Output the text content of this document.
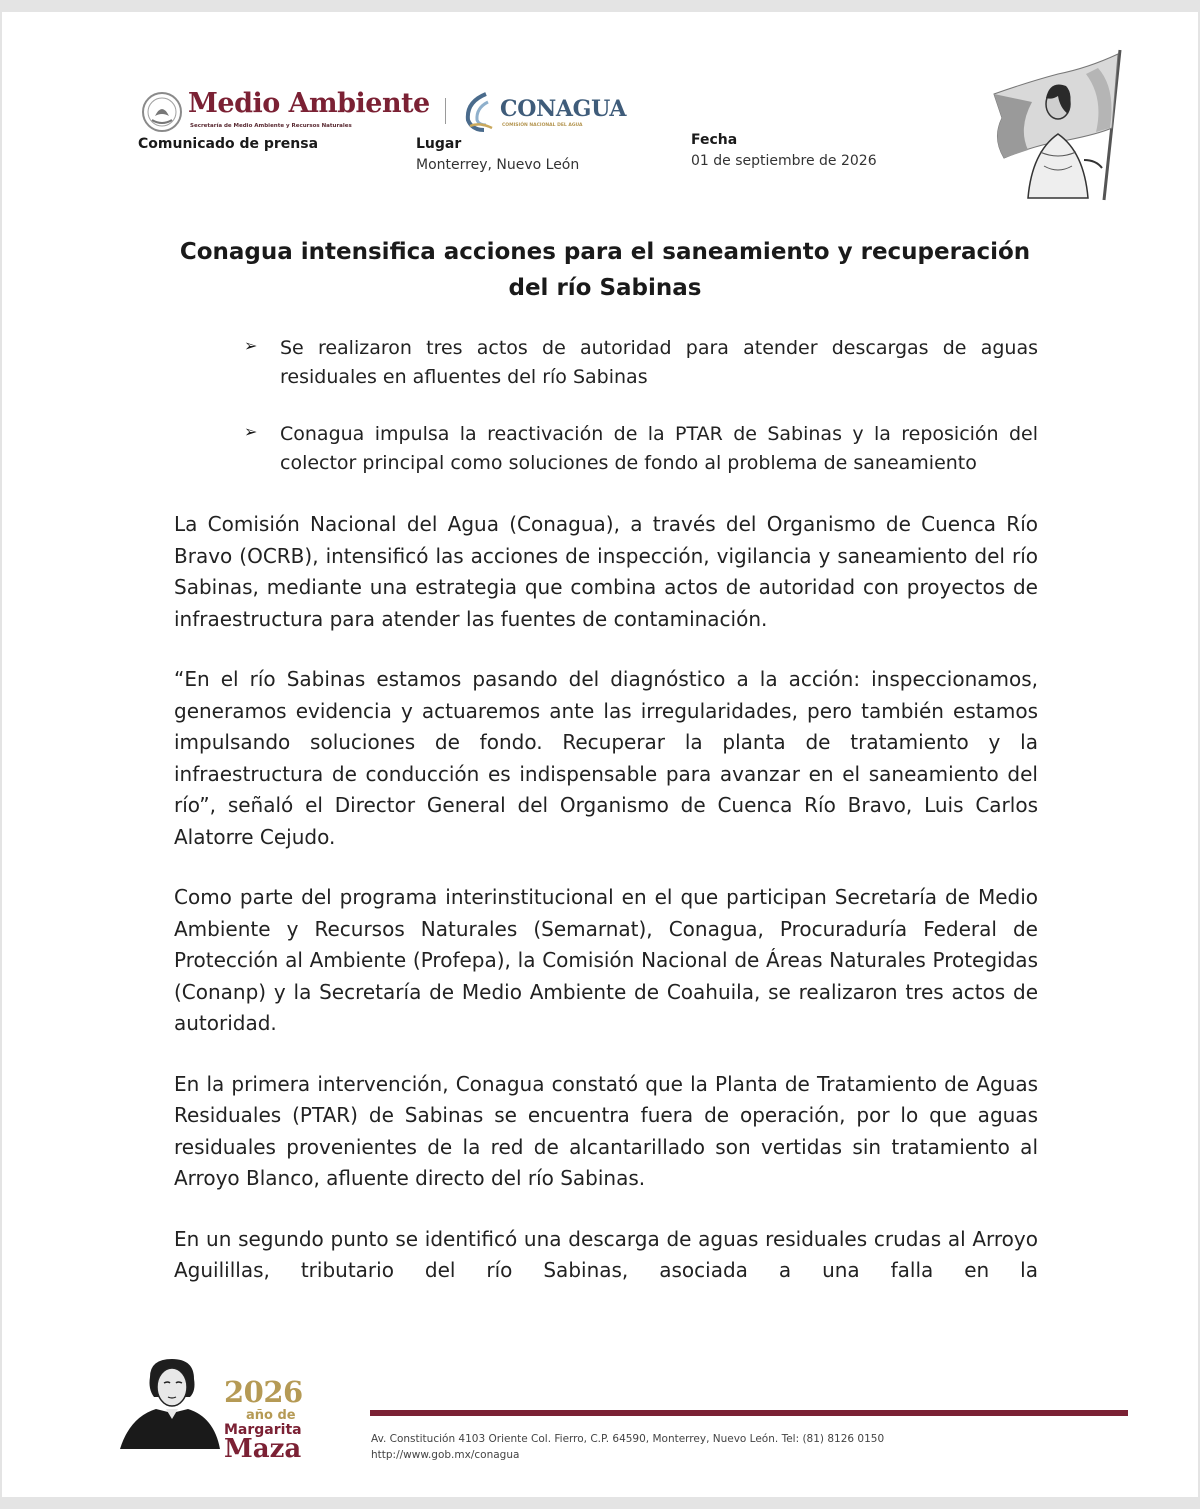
Medio Ambiente
Secretaría de Medio Ambiente y Recursos Naturales
CONAGUA
COMISIÓN NACIONAL DEL AGUA
Comunicado de prensa	Lugar
Monterrey, Nuevo León
Fecha
01 de septiembre de 2026
Conagua intensifica acciones para el saneamiento y recuperación del río Sabinas
➢ Se realizaron tres actos de autoridad para atender descargas de aguas residuales en afluentes del río Sabinas
➢ Conagua impulsa la reactivación de la PTAR de Sabinas y la reposición del colector principal como soluciones de fondo al problema de saneamiento

La Comisión Nacional del Agua (Conagua), a través del Organismo de Cuenca Río Bravo (OCRB), intensificó las acciones de inspección, vigilancia y saneamiento del río Sabinas, mediante una estrategia que combina actos de autoridad con proyectos de infraestructura para atender las fuentes de contaminación.

“En el río Sabinas estamos pasando del diagnóstico a la acción: inspeccionamos, generamos evidencia y actuaremos ante las irregularidades, pero también estamos impulsando soluciones de fondo. Recuperar la planta de tratamiento y la infraestructura de conducción es indispensable para avanzar en el saneamiento del río”, señaló el Director General del Organismo de Cuenca Río Bravo, Luis Carlos Alatorre Cejudo.

Como parte del programa interinstitucional en el que participan Secretaría de Medio Ambiente y Recursos Naturales (Semarnat), Conagua, Procuraduría Federal de Protección al Ambiente (Profepa), la Comisión Nacional de Áreas Naturales Protegidas (Conanp) y la Secretaría de Medio Ambiente de Coahuila, se realizaron tres actos de autoridad.

En la primera intervención, Conagua constató que la Planta de Tratamiento de Aguas Residuales (PTAR) de Sabinas se encuentra fuera de operación, por lo que aguas residuales provenientes de la red de alcantarillado son vertidas sin tratamiento al Arroyo Blanco, afluente directo del río Sabinas.

En un segundo punto se identificó una descarga de aguas residuales crudas al Arroyo Aguilillas, tributario del río Sabinas, asociada a una falla en la

2026
año de
Margarita
Maza	Av. Constitución 4103 Oriente Col. Fierro, C.P. 64590, Monterrey, Nuevo León. Tel: (81) 8126 0150
http://www.gob.mx/conagua
